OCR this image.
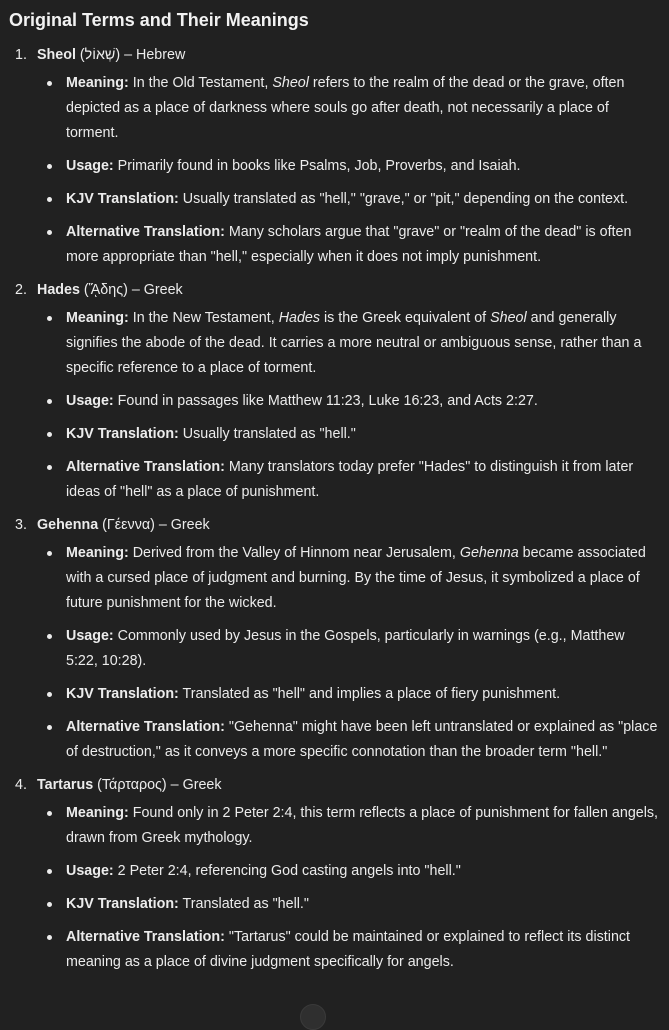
Original Terms and Their Meanings
1. Sheol (שְׁאוֹל) – Hebrew
Meaning: In the Old Testament, Sheol refers to the realm of the dead or the grave, often depicted as a place of darkness where souls go after death, not necessarily a place of torment.
Usage: Primarily found in books like Psalms, Job, Proverbs, and Isaiah.
KJV Translation: Usually translated as "hell," "grave," or "pit," depending on the context.
Alternative Translation: Many scholars argue that "grave" or "realm of the dead" is often more appropriate than "hell," especially when it does not imply punishment.
2. Hades (ᾍδης) – Greek
Meaning: In the New Testament, Hades is the Greek equivalent of Sheol and generally signifies the abode of the dead. It carries a more neutral or ambiguous sense, rather than a specific reference to a place of torment.
Usage: Found in passages like Matthew 11:23, Luke 16:23, and Acts 2:27.
KJV Translation: Usually translated as "hell."
Alternative Translation: Many translators today prefer "Hades" to distinguish it from later ideas of "hell" as a place of punishment.
3. Gehenna (Γέεννα) – Greek
Meaning: Derived from the Valley of Hinnom near Jerusalem, Gehenna became associated with a cursed place of judgment and burning. By the time of Jesus, it symbolized a place of future punishment for the wicked.
Usage: Commonly used by Jesus in the Gospels, particularly in warnings (e.g., Matthew 5:22, 10:28).
KJV Translation: Translated as "hell" and implies a place of fiery punishment.
Alternative Translation: "Gehenna" might have been left untranslated or explained as "place of destruction," as it conveys a more specific connotation than the broader term "hell."
4. Tartarus (Τάρταρος) – Greek
Meaning: Found only in 2 Peter 2:4, this term reflects a place of punishment for fallen angels, drawn from Greek mythology.
Usage: 2 Peter 2:4, referencing God casting angels into "hell."
KJV Translation: Translated as "hell."
Alternative Translation: "Tartarus" could be maintained or explained to reflect its distinct meaning as a place of divine judgment specifically for angels.
